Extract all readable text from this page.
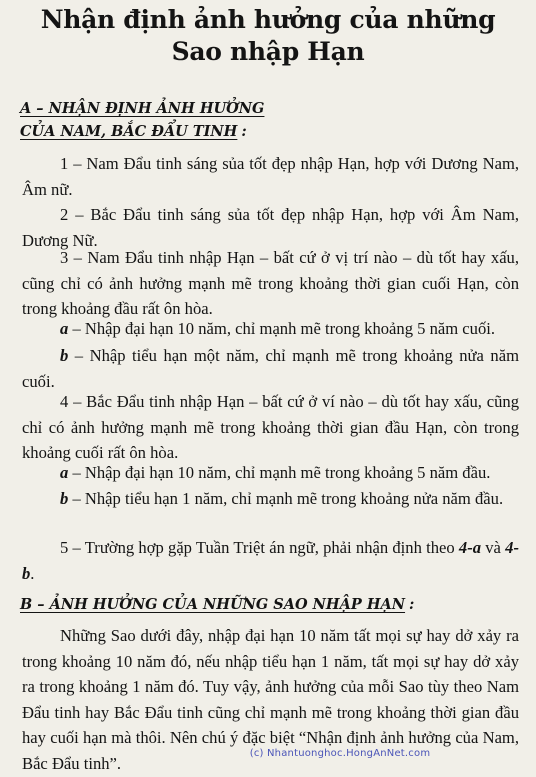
Nhận định ảnh hưởng của những Sao nhập Hạn
A – NHẬN ĐỊNH ẢNH HƯỞNG
CỦA NAM, BẮC ĐẨU TINH :
1 – Nam Đẩu tinh sáng sủa tốt đẹp nhập Hạn, hợp với Dương Nam, Âm nữ.
2 – Bắc Đẩu tinh sáng sủa tốt đẹp nhập Hạn, hợp với Âm Nam, Dương Nữ.
3 – Nam Đẩu tinh nhập Hạn – bất cứ ở vị trí nào – dù tốt hay xấu, cũng chỉ có ảnh hưởng mạnh mẽ trong khoảng thời gian cuối Hạn, còn trong khoảng đầu rất ôn hòa.
a – Nhập đại hạn 10 năm, chỉ mạnh mẽ trong khoảng 5 năm cuối.
b – Nhập tiểu hạn một năm, chỉ mạnh mẽ trong khoảng nửa năm cuối.
4 – Bắc Đẩu tinh nhập Hạn – bất cứ ở ví nào – dù tốt hay xấu, cũng chỉ có ảnh hưởng mạnh mẽ trong khoảng thời gian đầu Hạn, còn trong khoảng cuối rất ôn hòa.
a – Nhập đại hạn 10 năm, chỉ mạnh mẽ trong khoảng 5 năm đầu.
b – Nhập tiểu hạn 1 năm, chỉ mạnh mẽ trong khoảng nửa năm đầu.
5 – Trường hợp gặp Tuần Triệt án ngữ, phải nhận định theo 4-a và 4-b.
B – ẢNH HƯỞNG CỦA NHỮNG SAO NHẬP HẠN :
Những Sao dưới đây, nhập đại hạn 10 năm tất mọi sự hay dở xảy ra trong khoảng 10 năm đó, nếu nhập tiểu hạn 1 năm, tất mọi sự hay dở xảy ra trong khoảng 1 năm đó. Tuy vậy, ảnh hưởng của mỗi Sao tùy theo Nam Đẩu tinh hay Bắc Đẩu tinh cũng chỉ mạnh mẽ trong khoảng thời gian đầu hay cuối hạn mà thôi. Nên chú ý đặc biệt “Nhận định ảnh hưởng của Nam, Bắc Đẩu tinh”.
(c) Nhantuonghoc.HongAnNet.com
